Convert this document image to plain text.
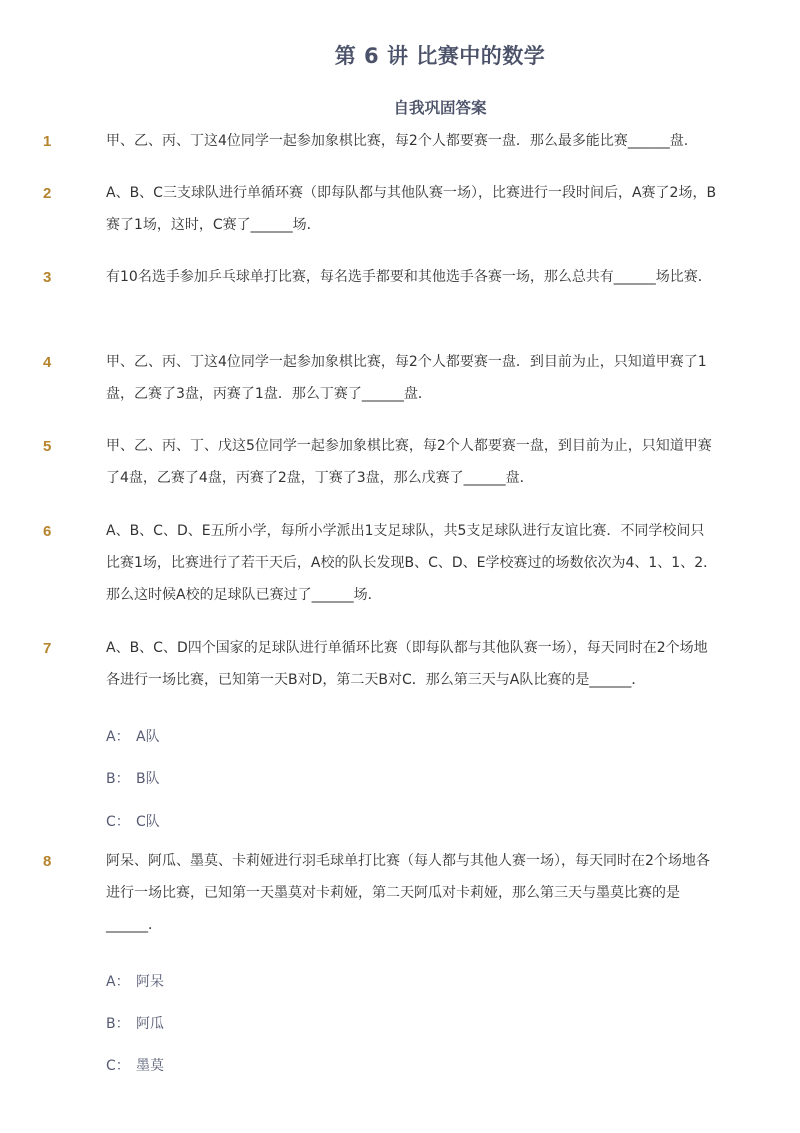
第 6 讲 比赛中的数学
自我巩固答案
1	甲、乙、丙、丁这4位同学一起参加象棋比赛，每2个人都要赛一盘．那么最多能比赛______盘.
2	A、B、C三支球队进行单循环赛（即每队都与其他队赛一场），比赛进行一段时间后，A赛了2场，B赛了1场，这时，C赛了______场．
3	有10名选手参加乒乓球单打比赛，每名选手都要和其他选手各赛一场，那么总共有______场比赛．
4	甲、乙、丙、丁这4位同学一起参加象棋比赛，每2个人都要赛一盘．到目前为止，只知道甲赛了1盘，乙赛了3盘，丙赛了1盘．那么丁赛了______盘．
5	甲、乙、丙、丁、戊这5位同学一起参加象棋比赛，每2个人都要赛一盘，到目前为止，只知道甲赛了4盘，乙赛了4盘，丙赛了2盘，丁赛了3盘，那么戊赛了______盘．
6	A、B、C、D、E五所小学，每所小学派出1支足球队，共5支足球队进行友谊比赛．不同学校间只比赛1场，比赛进行了若干天后，A校的队长发现B、C、D、E学校赛过的场数依次为4、1、1、2．那么这时候A校的足球队已赛过了______场．
7	A、B、C、D四个国家的足球队进行单循环比赛（即每队都与其他队赛一场），每天同时在2个场地各进行一场比赛，已知第一天B对D，第二天B对C．那么第三天与A队比赛的是______．
A： A队
B： B队
C： C队
8	阿呆、阿瓜、墨莫、卡莉娅进行羽毛球单打比赛（每人都与其他人赛一场），每天同时在2个场地各进行一场比赛，已知第一天墨莫对卡莉娅，第二天阿瓜对卡莉娅，那么第三天与墨莫比赛的是______．
A： 阿呆
B： 阿瓜
C： 墨莫
